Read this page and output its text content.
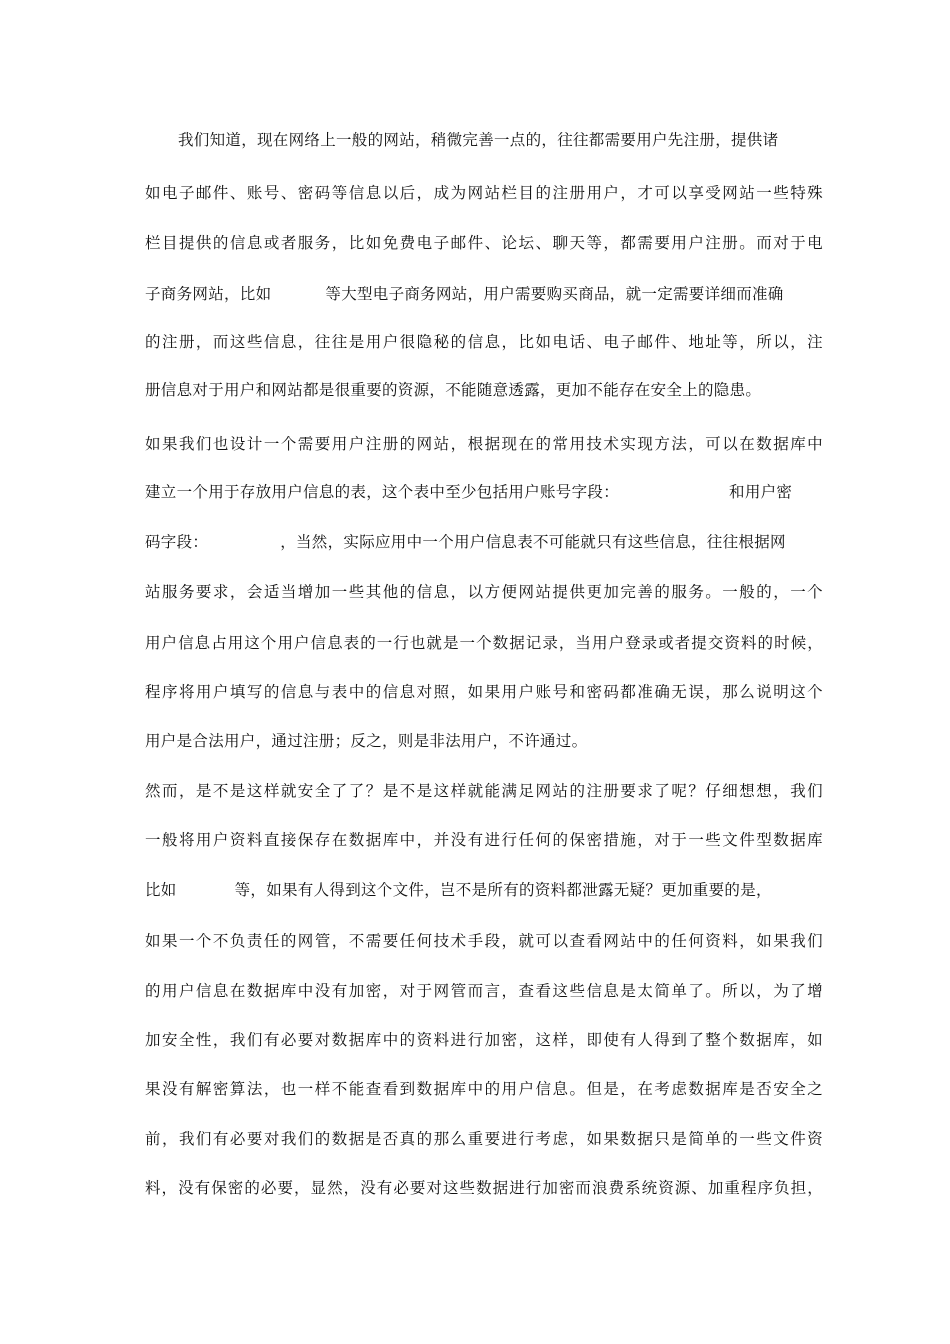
我们知道，现在网络上一般的网站，稍微完善一点的，往往都需要用户先注册，提供诸
如电子邮件、账号、密码等信息以后，成为网站栏目的注册用户，才可以享受网站一些特殊
栏目提供的信息或者服务，比如免费电子邮件、论坛、聊天等，都需要用户注册。而对于电
子商务网站，比如	等大型电子商务网站，用户需要购买商品，就一定需要详细而准确
的注册，而这些信息，往往是用户很隐秘的信息，比如电话、电子邮件、地址等，所以，注
册信息对于用户和网站都是很重要的资源，不能随意透露，更加不能存在安全上的隐患。
如果我们也设计一个需要用户注册的网站，根据现在的常用技术实现方法，可以在数据库中
建立一个用于存放用户信息的表，这个表中至少包括用户账号字段：	和用户密
码字段：	，当然，实际应用中一个用户信息表不可能就只有这些信息，往往根据网
站服务要求，会适当增加一些其他的信息，以方便网站提供更加完善的服务。一般的，一个
用户信息占用这个用户信息表的一行也就是一个数据记录，当用户登录或者提交资料的时候，
程序将用户填写的信息与表中的信息对照，如果用户账号和密码都准确无误，那么说明这个
用户是合法用户，通过注册；反之，则是非法用户，不许通过。
然而，是不是这样就安全了了？是不是这样就能满足网站的注册要求了呢？仔细想想，我们
一般将用户资料直接保存在数据库中，并没有进行任何的保密措施，对于一些文件型数据库
比如	等，如果有人得到这个文件，岂不是所有的资料都泄露无疑？更加重要的是，
如果一个不负责任的网管，不需要任何技术手段，就可以查看网站中的任何资料，如果我们
的用户信息在数据库中没有加密，对于网管而言，查看这些信息是太简单了。所以，为了增
加安全性，我们有必要对数据库中的资料进行加密，这样，即使有人得到了整个数据库，如
果没有解密算法，也一样不能查看到数据库中的用户信息。但是，在考虑数据库是否安全之
前，我们有必要对我们的数据是否真的那么重要进行考虑，如果数据只是简单的一些文件资
料，没有保密的必要，显然，没有必要对这些数据进行加密而浪费系统资源、加重程序负担，
